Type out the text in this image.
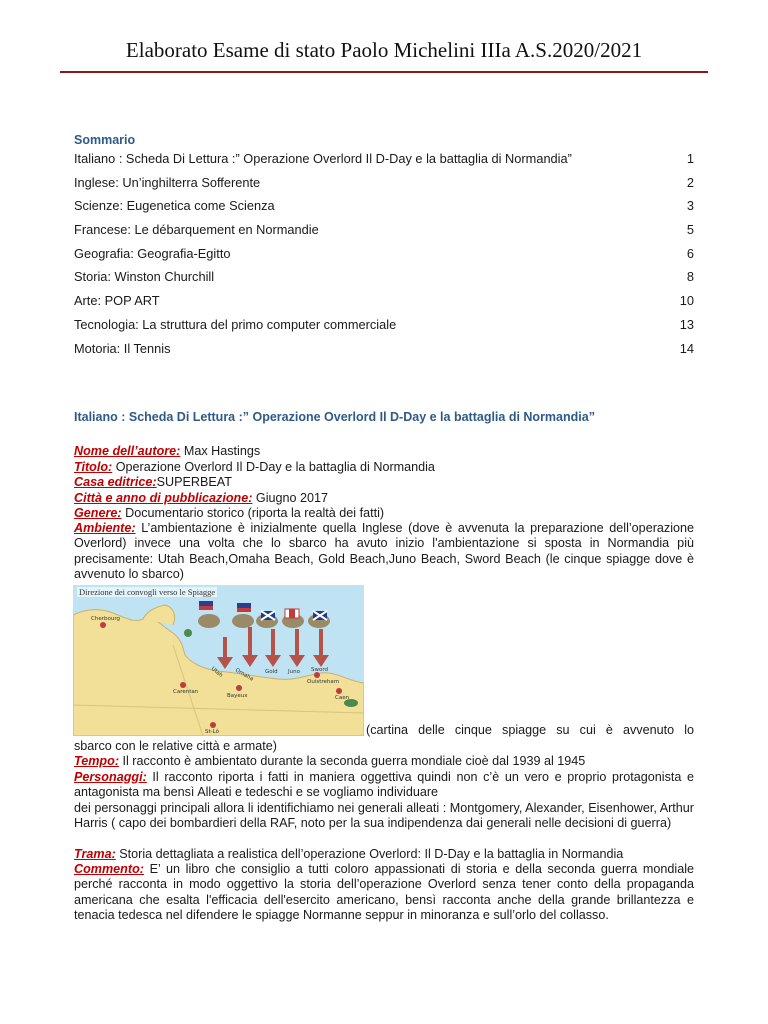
Elaborato Esame di stato Paolo Michelini IIIa A.S.2020/2021
Sommario
Italiano : Scheda Di Lettura :” Operazione Overlord Il D-Day e la battaglia di Normandia”	1
Inglese: Un’inghilterra Sofferente	2
Scienze: Eugenetica come Scienza	3
Francese: Le débarquement en Normandie	5
Geografia: Geografia-Egitto	6
Storia: Winston Churchill	8
Arte: POP ART	10
Tecnologia: La struttura del primo computer commerciale	13
Motoria: Il Tennis	14
Italiano : Scheda Di Lettura :” Operazione Overlord Il D-Day e la battaglia di Normandia”
Nome dell’autore: Max Hastings
Titolo: Operazione Overlord Il D-Day e la battaglia di Normandia
Casa editrice:SUPERBEAT
Città e anno di pubblicazione: Giugno 2017
Genere: Documentario storico (riporta la realtà dei fatti)
Ambiente: L’ambientazione è inizialmente quella Inglese (dove è avvenuta la preparazione dell’operazione Overlord) invece una volta che lo sbarco ha avuto inizio l'ambientazione si sposta in Normandia più precisamente: Utah Beach,Omaha Beach, Gold Beach,Juno Beach, Sword Beach (le cinque spiagge dove è avvenuto lo sbarco)
Cherbourg
Bayeux	Caen
St-Lô
Carentan
Ouistreham
Utah Omaha Gold Juno Sword
Direzione dei convogli verso le Spiagge
(cartina delle cinque spiagge su cui è avvenuto lo
sbarco con le relative città e armate)
Tempo: Il racconto è ambientato durante la seconda guerra mondiale cioè dal 1939 al 1945
Personaggi: Il racconto riporta i fatti in maniera oggettiva quindi non c’è un vero e proprio protagonista e antagonista ma bensì Alleati e tedeschi e se vogliamo individuare
dei personaggi principali allora li identifichiamo nei generali alleati : Montgomery, Alexander, Eisenhower, Arthur Harris ( capo dei bombardieri della RAF, noto per la sua indipendenza dai generali nelle decisioni di guerra)
Trama: Storia dettagliata a realistica dell’operazione Overlord: Il D-Day e la battaglia in Normandia
Commento: E’ un libro che consiglio a tutti coloro appassionati di storia e della seconda guerra mondiale perché racconta in modo oggettivo la storia dell’operazione Overlord senza tener conto della propaganda americana che esalta l'efficacia dell'esercito americano, bensì racconta anche della grande brillantezza e tenacia tedesca nel difendere le spiagge Normanne seppur in minoranza e sull’orlo del collasso.
